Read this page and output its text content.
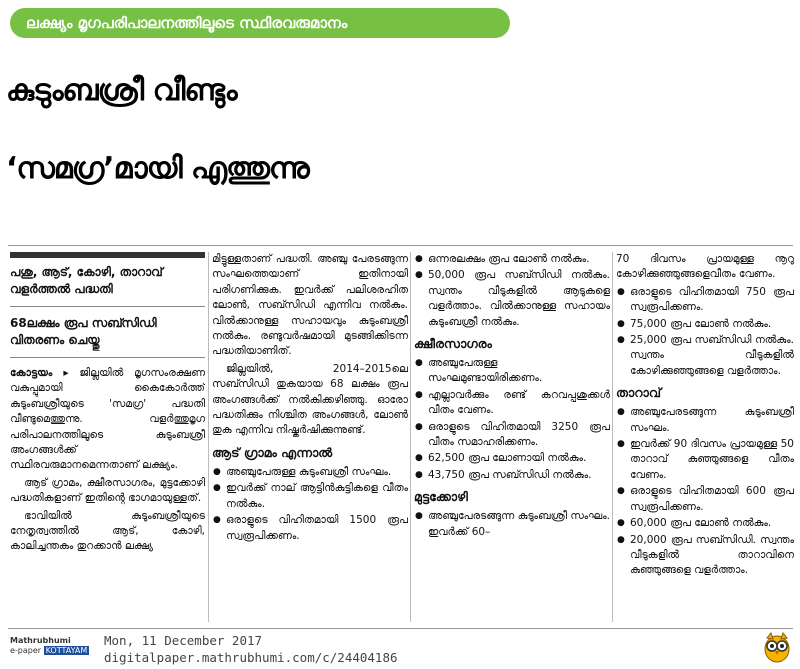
ലക്ഷ്യം മൃഗപരിപാലനത്തിലൂടെ സ്ഥിരവരുമാനം
കുടുംബശ്രീ വീണ്ടും
‘സമഗ്ര’മായി എത്തുന്നു
പശു, ആട്, കോഴി, താറാവ് വളർത്തൽ പദ്ധതി
68ലക്ഷം രൂപ സബ്സിഡി വിതരണം ചെയ്തു

കോട്ടയം ▸ ജില്ലയിൽ മൃഗസംരക്ഷണ വകുപ്പുമായി കൈകോർത്ത് കുടുംബശ്രീയുടെ 'സമഗ്ര' പദ്ധതി വീണ്ടുമെത്തുന്നു. വളർത്തുമൃഗ പരിപാലനത്തിലൂടെ കുടുംബശ്രീ അംഗങ്ങൾക്ക് സ്ഥിരവരുമാനമെന്നതാണ് ലക്ഷ്യം.

ആട് ഗ്രാമം, ക്ഷീരസാഗരം, മുട്ടക്കോഴി പദ്ധതികളാണ് ഇതിന്റെ ഭാഗമായുള്ളത്.

ഭാവിയിൽ കുടുംബശ്രീയുടെ നേതൃത്വത്തിൽ ആട്, കോഴി, കാലിച്ചന്തകം തുറക്കാൻ ലക്ഷ്യ

മിട്ടുള്ളതാണ് പദ്ധതി. അഞ്ചു പേരടങ്ങുന്ന സംഘത്തെയാണ് ഇതിനായി പരിഗണിക്കുക. ഇവർക്ക് പലിശരഹിത ലോൺ, സബ്സിഡി എന്നിവ നൽകും. വിൽക്കാനുള്ള സഹായവും കുടുംബശ്രീ നൽകും. രണ്ടുവർഷമായി മുടങ്ങിക്കിടന്ന പദ്ധതിയാണിത്.

ജില്ലയിൽ, 2014–2015ലെ സബ്സിഡി തുകയായ 68 ലക്ഷം രൂപ അംഗങ്ങൾക്ക് നൽകിക്കഴിഞ്ഞു. ഓരോ പദ്ധതിക്കും നിശ്ചിത അംഗങ്ങൾ, ലോൺ തുക എന്നിവ നിഷ്കർഷിക്കുന്നുണ്ട്.

ആട് ഗ്രാമം എന്നാൽ
● അഞ്ചുപേരുള്ള കുടുംബശ്രീ സംഘം.
● ഇവർക്ക് നാല് ആട്ടിൻകുട്ടികളെ വീതം നൽകും.
● ഒരാളുടെ വിഹിതമായി 1500 രൂപ സ്വരൂപിക്കണം.
● ഒന്നരലക്ഷം രൂപ ലോൺ നൽകും.
● 50,000 രൂപ സബ്സിഡി നൽകും. സ്വന്തം വീടുകളിൽ ആടുകളെ വളർത്താം. വിൽക്കാനുള്ള സഹായം കുടുംബശ്രീ നൽകും.
ക്ഷീരസാഗരം
● അഞ്ചുപേരുള്ള സംഘമുണ്ടായിരിക്കണം.
● എല്ലാവർക്കും രണ്ട് കറവപ്പശുക്കൾ വീതം വേണം.
● ഒരാളുടെ വിഹിതമായി 3250 രൂപ വീതം സമാഹരിക്കണം.
● 62,500 രൂപ ലോണായി നൽകും.
● 43,750 രൂപ സബ്സിഡി നൽകും.
മുട്ടക്കോഴി
● അഞ്ചുപേരടങ്ങുന്ന കുടുംബശ്രീ സംഘം. ഇവർക്ക് 60–

70 ദിവസം പ്രായമുള്ള നൂറു കോഴിക്കുഞ്ഞുങ്ങളെവീതം വേണം.

● ഒരാളുടെ വിഹിതമായി 750 രൂപ സ്വരൂപിക്കണം.
● 75,000 രൂപ ലോൺ നൽകും.
● 25,000 രൂപ സബ്സിഡി നൽകും. സ്വന്തം വീടുകളിൽ കോഴിക്കുഞ്ഞുങ്ങളെ വളർത്താം.
താറാവ്
● അഞ്ചുപേരടങ്ങുന്ന കുടുംബശ്രീ സംഘം.
● ഇവർക്ക് 90 ദിവസം പ്രായമുള്ള 50 താറാവ് കുഞ്ഞുങ്ങളെ വീതം വേണം.
● ഒരാളുടെ വിഹിതമായി 600 രൂപ സ്വരൂപിക്കണം.
● 60,000 രൂപ ലോൺ നൽകും.
● 20,000 രൂപ സബ്സിഡി. സ്വന്തം വീടുകളിൽ താറാവിനെ കുഞ്ഞുങ്ങളെ വളർത്താം.
Mathrubhumi
e-paper KOTTAYAM
Mon, 11 December 2017
digitalpaper.mathrubhumi.com/c/24404186
